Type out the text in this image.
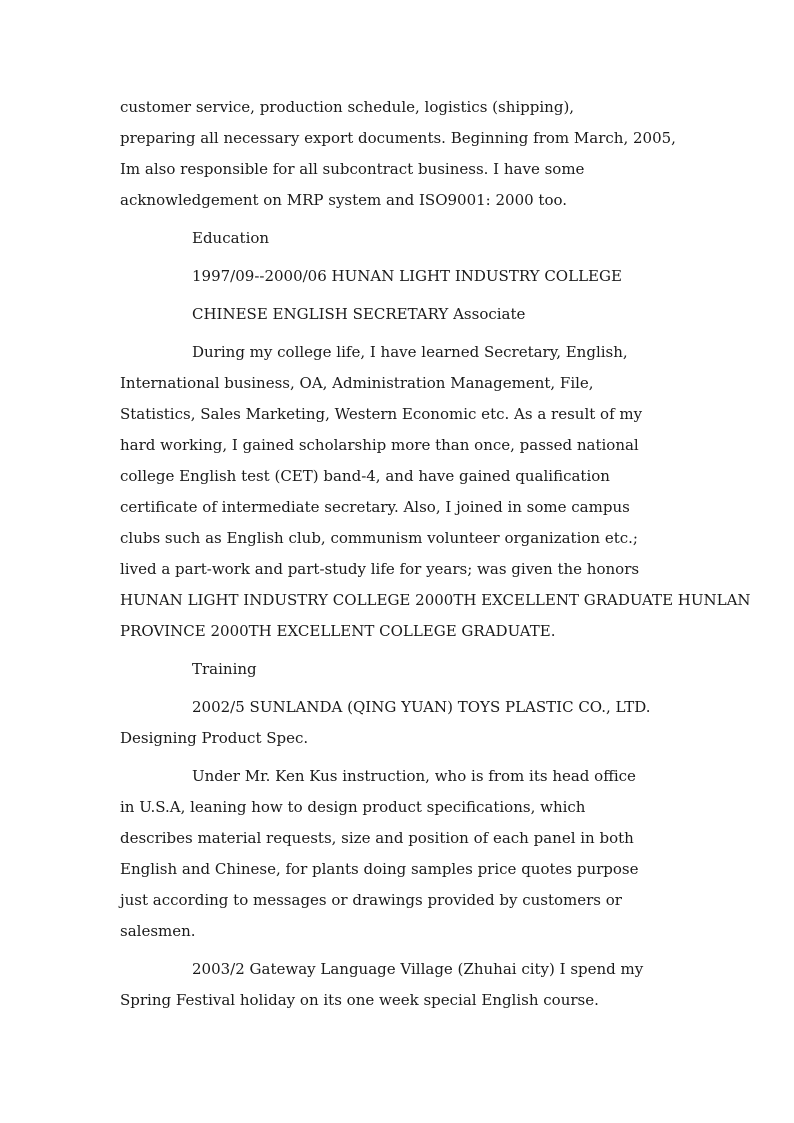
customer service, production schedule, logistics (shipping),
preparing all necessary export documents. Beginning from March, 2005,
Im also responsible for all subcontract business. I have some
acknowledgement on MRP system and ISO9001: 2000 too.
Education
1997/09--2000/06 HUNAN LIGHT INDUSTRY COLLEGE
CHINESE ENGLISH SECRETARY Associate
During my college life, I have learned Secretary, English,
International business, OA, Administration Management, File,
Statistics, Sales Marketing, Western Economic etc. As a result of my
hard working, I gained scholarship more than once, passed national
college English test (CET) band-4, and have gained qualification
certificate of intermediate secretary. Also, I joined in some campus
clubs such as English club, communism volunteer organization etc.;
lived a part-work and part-study life for years; was given the honors
HUNAN LIGHT INDUSTRY COLLEGE 2000TH EXCELLENT GRADUATE HUNLAN
PROVINCE 2000TH EXCELLENT COLLEGE GRADUATE.
Training
2002/5 SUNLANDA (QING YUAN) TOYS PLASTIC CO., LTD.
Designing Product Spec.
Under Mr. Ken Kus instruction, who is from its head office
in U.S.A, leaning how to design product specifications, which
describes material requests, size and position of each panel in both
English and Chinese, for plants doing samples price quotes purpose
just according to messages or drawings provided by customers or
salesmen.
2003/2 Gateway Language Village (Zhuhai city) I spend my
Spring Festival holiday on its one week special English course.
